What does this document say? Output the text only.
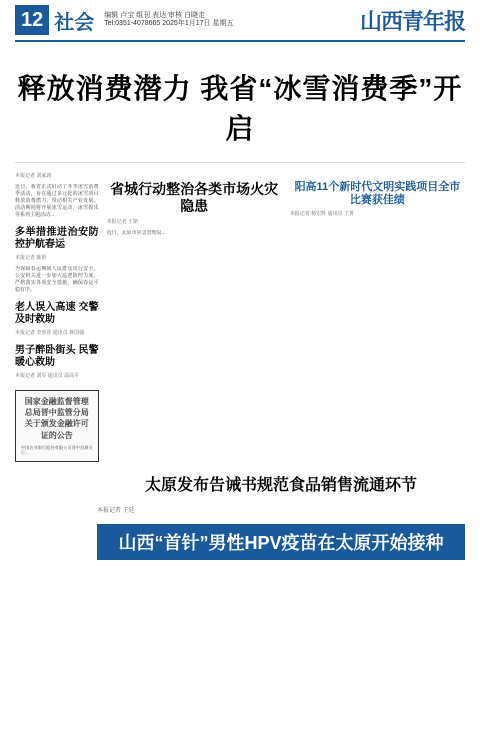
12 社会 编辑 卢宝 组刊 表达 审核 白晓走
Tel:0351-4078665 2025年1月17日 星期五	山西青年报
释放消费潜力 我省“冰雪消费季”开启
本报记者 刘家涛
近日，我省正式启动了冬季冰雪消费季活动，旨在通过多元化的冰雪项目释放消费潜力，带动相关产业发展。活动期间将开展冰雪运动、冰雪娱乐等系列主题活动...
多举措推进治安防控护航春运
本报记者 陈彤
为保障春运期间人民群众出行安全，公安机关进一步加大巡逻防控力度，严格落实各项安全措施，确保春运平稳有序。
老人误入高速 交警及时救助
本报记者 李莎莎 通讯员 蒋国强
男子醉卧街头 民警暖心救助
本报记者 刘军 通讯员 温高平
国家金融监督管理总局晋中监管分局关于颁发金融许可证的公告
中国农业银行股份有限公司晋中昌源支行...
省城行动整治各类市场火灾隐患
本报记者 王铭
近日，太原市应急管理局...
阳高11个新时代文明实践项目全市比赛获佳绩
本报记者 杨宏辉 通讯员 王菁
太原发布告诫书规范食品销售流通环节
本报记者 王廷
山西“首针”男性HPV疫苗在太原开始接种
